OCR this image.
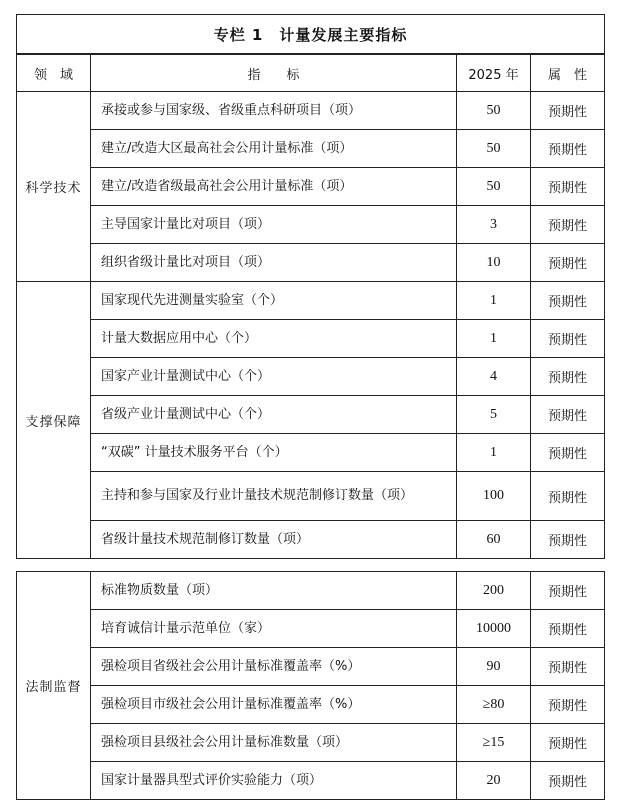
专栏 1　计量发展主要指标			
领　域	指　　标	2025 年	属　性
科学技术	承接或参与国家级、省级重点科研项目（项）	50	预期性
	建立/改造大区最高社会公用计量标准（项）	50	预期性
	建立/改造省级最高社会公用计量标准（项）	50	预期性
	主导国家计量比对项目（项）	3	预期性
	组织省级计量比对项目（项）	10	预期性
支撑保障	国家现代先进测量实验室（个）	1	预期性
	计量大数据应用中心（个）	1	预期性
	国家产业计量测试中心（个）	4	预期性
	省级产业计量测试中心（个）	5	预期性
	“双碳” 计量技术服务平台（个）	1	预期性
	主持和参与国家及行业计量技术规范制修订数量（项）	100	预期性
	省级计量技术规范制修订数量（项）	60	预期性

法制监督	标准物质数量（项）	200	预期性
	培育诚信计量示范单位（家）	10000	预期性
	强检项目省级社会公用计量标准覆盖率（%）	90	预期性
	强检项目市级社会公用计量标准覆盖率（%）	≥80	预期性
	强检项目县级社会公用计量标准数量（项）	≥15	预期性
	国家计量器具型式评价实验能力（项）	20	预期性
